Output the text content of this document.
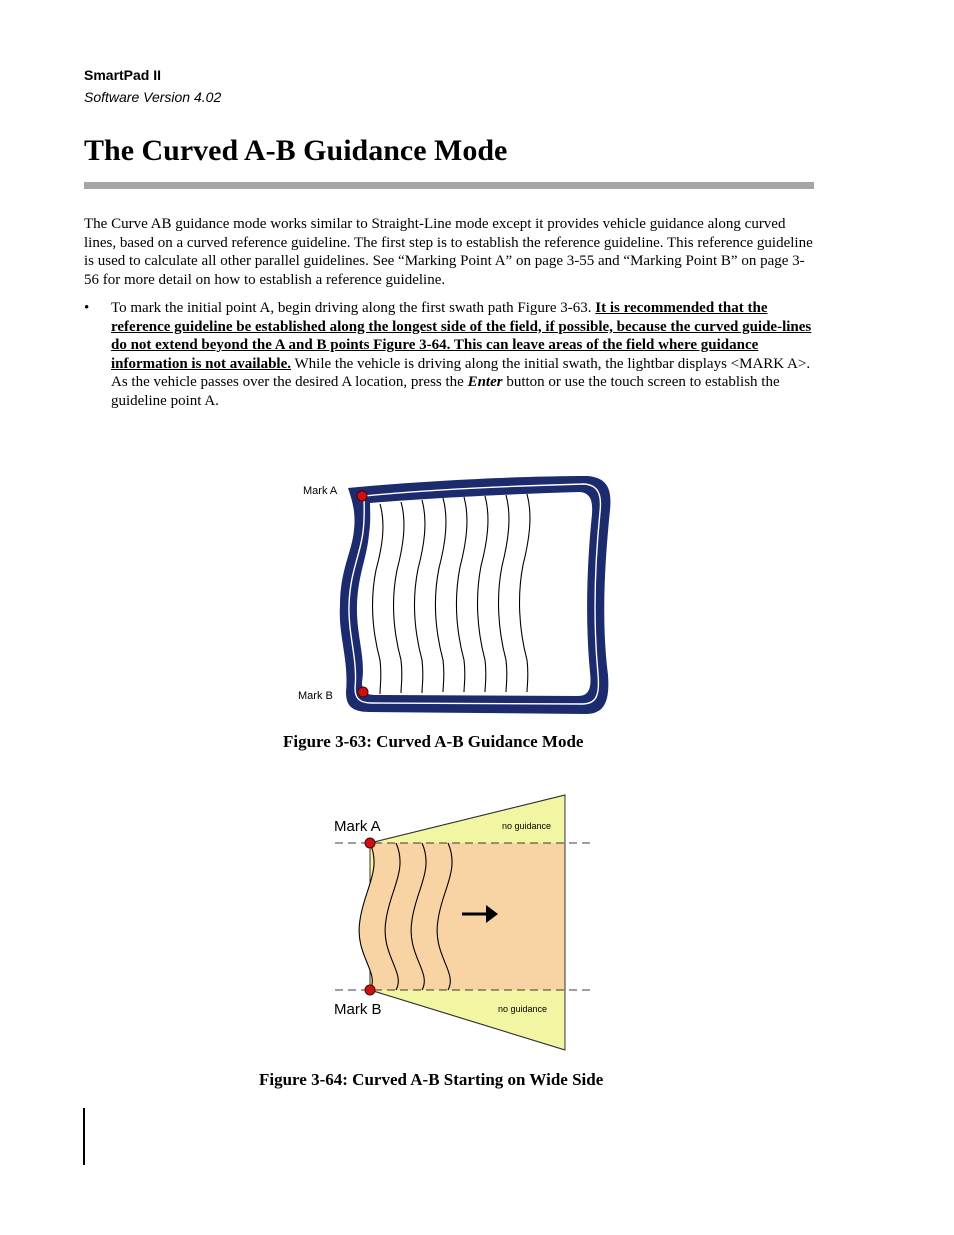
SmartPad II
Software Version 4.02
The Curved A-B Guidance Mode

The Curve AB guidance mode works similar to Straight-Line mode except it provides vehicle guidance along curved lines, based on a curved reference guideline. The first step is to establish the reference guideline. This reference guideline is used to calculate all other parallel guidelines. See “Marking Point A” on page 3-55 and “Marking Point B” on page 3-56 for more detail on how to establish a reference guideline.

• To mark the initial point A, begin driving along the first swath path Figure 3-63. It is recommended that the reference guideline be established along the longest side of the field, if possible, because the curved guide-lines do not extend beyond the A and B points Figure 3-64. This can leave areas of the field where guidance information is not available. While the vehicle is driving along the initial swath, the lightbar displays <MARK A>. As the vehicle passes over the desired A location, press the Enter button or use the touch screen to establish the guideline point A.

Mark A
Mark B
Figure 3-63: Curved A-B Guidance Mode
Mark A
Mark B
no guidance
no guidance
Figure 3-64: Curved A-B Starting on Wide Side
